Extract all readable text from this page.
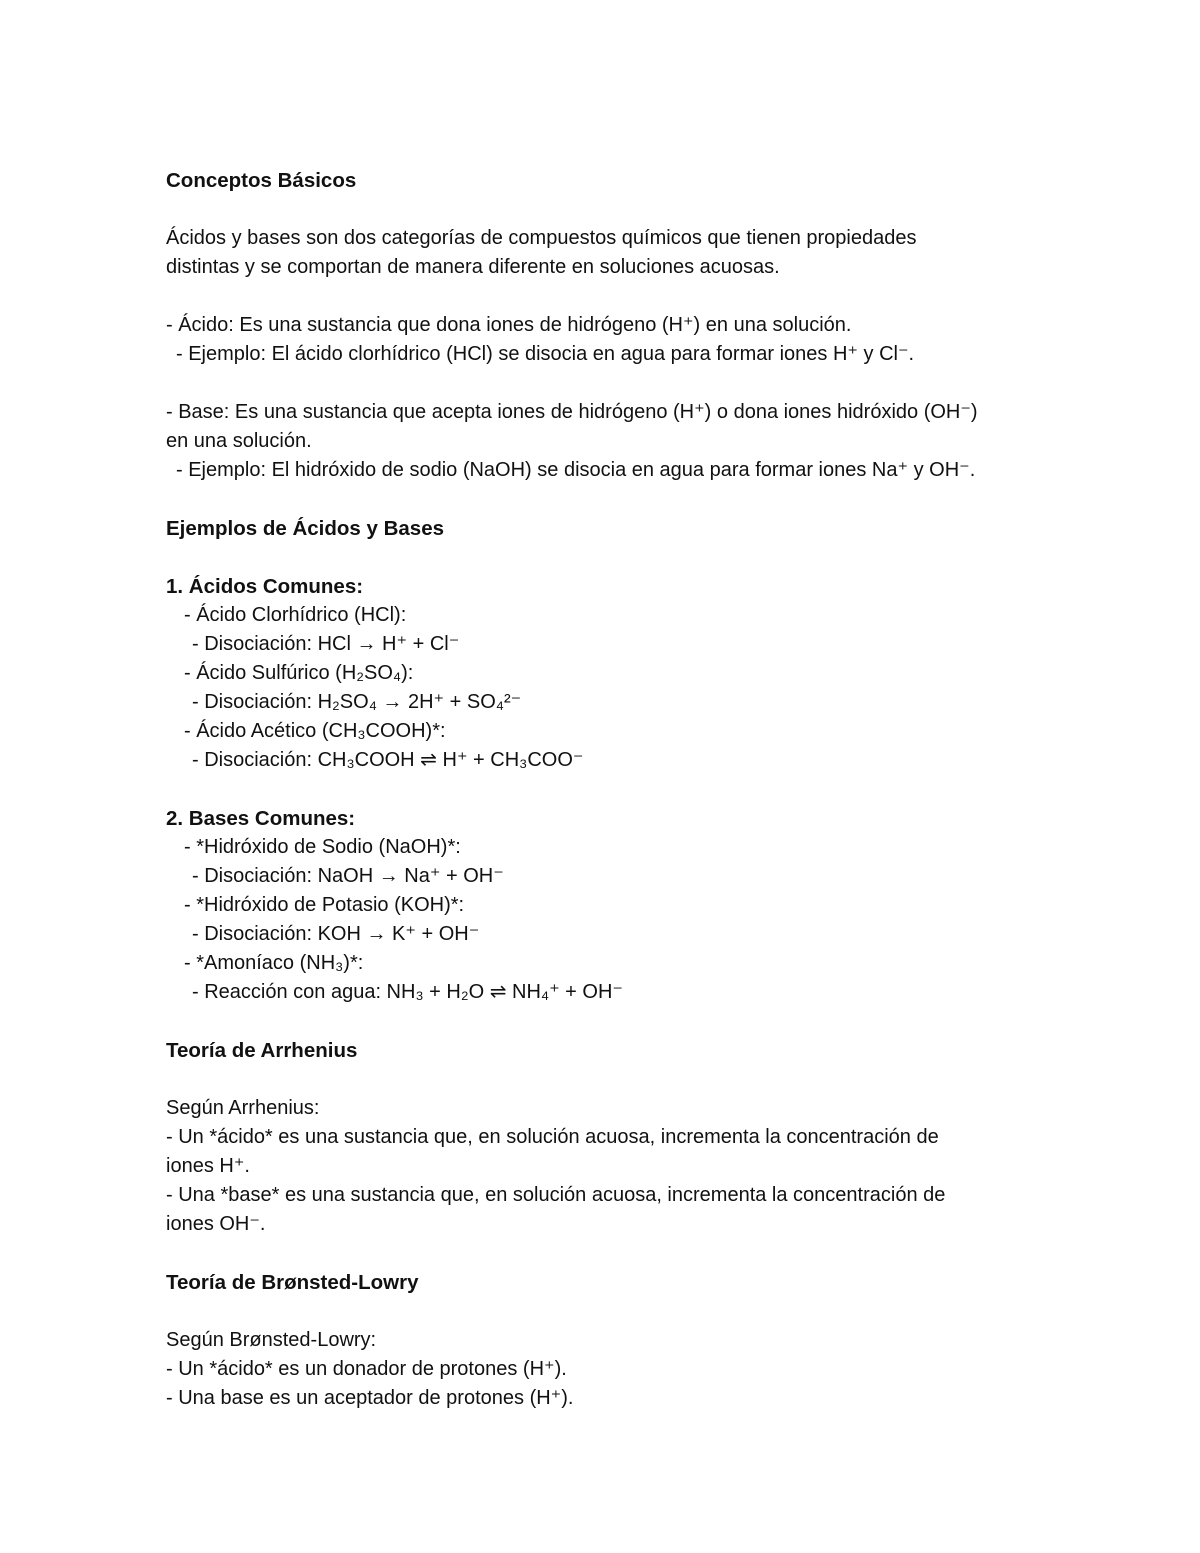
Conceptos Básicos

Ácidos y bases son dos categorías de compuestos químicos que tienen propiedades

distintas y se comportan de manera diferente en soluciones acuosas.

- Ácido: Es una sustancia que dona iones de hidrógeno (H⁺) en una solución.

- Ejemplo: El ácido clorhídrico (HCl) se disocia en agua para formar iones H⁺ y Cl⁻.

- Base: Es una sustancia que acepta iones de hidrógeno (H⁺) o dona iones hidróxido (OH⁻)

en una solución.

- Ejemplo: El hidróxido de sodio (NaOH) se disocia en agua para formar iones Na⁺ y OH⁻.

Ejemplos de Ácidos y Bases
1. Ácidos Comunes:

- Ácido Clorhídrico (HCl):

- Disociación: HCl → H⁺ + Cl⁻

- Ácido Sulfúrico (H₂SO₄):

- Disociación: H₂SO₄ → 2H⁺ + SO₄²⁻

- Ácido Acético (CH₃COOH)*:

- Disociación: CH₃COOH ⇌ H⁺ + CH₃COO⁻

2. Bases Comunes:

- *Hidróxido de Sodio (NaOH)*:

- Disociación: NaOH → Na⁺ + OH⁻

- *Hidróxido de Potasio (KOH)*:

- Disociación: KOH → K⁺ + OH⁻

- *Amoníaco (NH₃)*:

- Reacción con agua: NH₃ + H₂O ⇌ NH₄⁺ + OH⁻

Teoría de Arrhenius

Según Arrhenius:

- Un *ácido* es una sustancia que, en solución acuosa, incrementa la concentración de

iones H⁺.

- Una *base* es una sustancia que, en solución acuosa, incrementa la concentración de

iones OH⁻.

Teoría de Brønsted-Lowry

Según Brønsted-Lowry:

- Un *ácido* es un donador de protones (H⁺).

- Una base es un aceptador de protones (H⁺).
